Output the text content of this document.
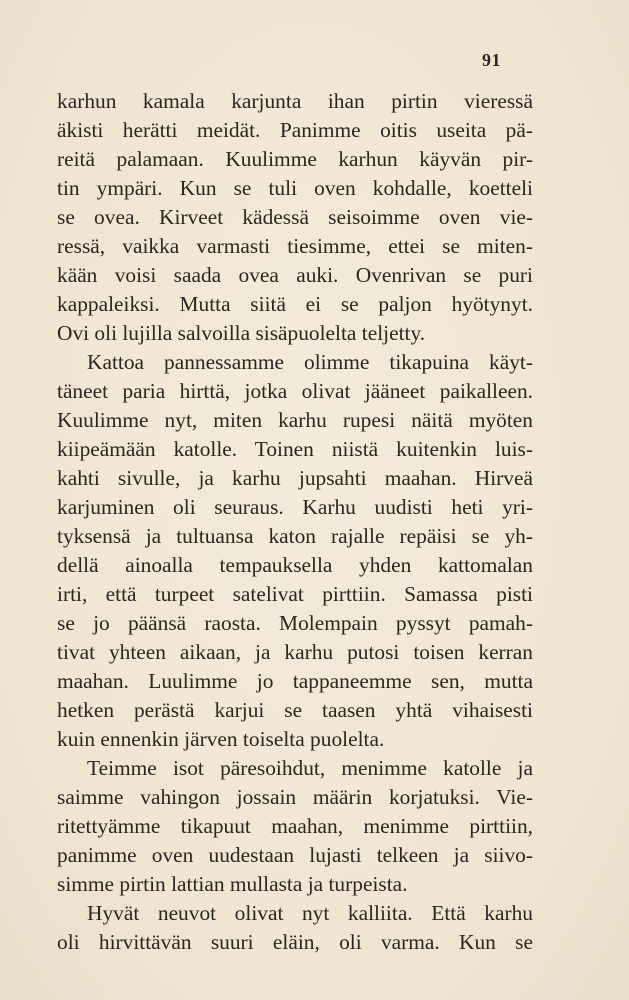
91
karhun kamala karjunta ihan pirtin vieressä
äkisti herätti meidät. Panimme oitis useita pä-
reitä palamaan. Kuulimme karhun käyvän pir-
tin ympäri. Kun se tuli oven kohdalle, koetteli
se ovea. Kirveet kädessä seisoimme oven vie-
ressä, vaikka varmasti tiesimme, ettei se miten-
kään voisi saada ovea auki. Ovenrivan se puri
kappaleiksi. Mutta siitä ei se paljon hyötynyt.
Ovi oli lujilla salvoilla sisäpuolelta teljetty.
Kattoa pannessamme olimme tikapuina käyt-
täneet paria hirttä, jotka olivat jääneet paikalleen.
Kuulimme nyt, miten karhu rupesi näitä myöten
kiipeämään katolle. Toinen niistä kuitenkin luis-
kahti sivulle, ja karhu jupsahti maahan. Hirveä
karjuminen oli seuraus. Karhu uudisti heti yri-
tyksensä ja tultuansa katon rajalle repäisi se yh-
dellä ainoalla tempauksella yhden kattomalan
irti, että turpeet satelivat pirttiin. Samassa pisti
se jo päänsä raosta. Molempain pyssyt pamah-
tivat yhteen aikaan, ja karhu putosi toisen kerran
maahan. Luulimme jo tappaneemme sen, mutta
hetken perästä karjui se taasen yhtä vihaisesti
kuin ennenkin järven toiselta puolelta.
Teimme isot päresoihdut, menimme katolle ja
saimme vahingon jossain määrin korjatuksi. Vie-
ritettyämme tikapuut maahan, menimme pirttiin,
panimme oven uudestaan lujasti telkeen ja siivo-
simme pirtin lattian mullasta ja turpeista.
Hyvät neuvot olivat nyt kalliita. Että karhu
oli hirvittävän suuri eläin, oli varma. Kun se
